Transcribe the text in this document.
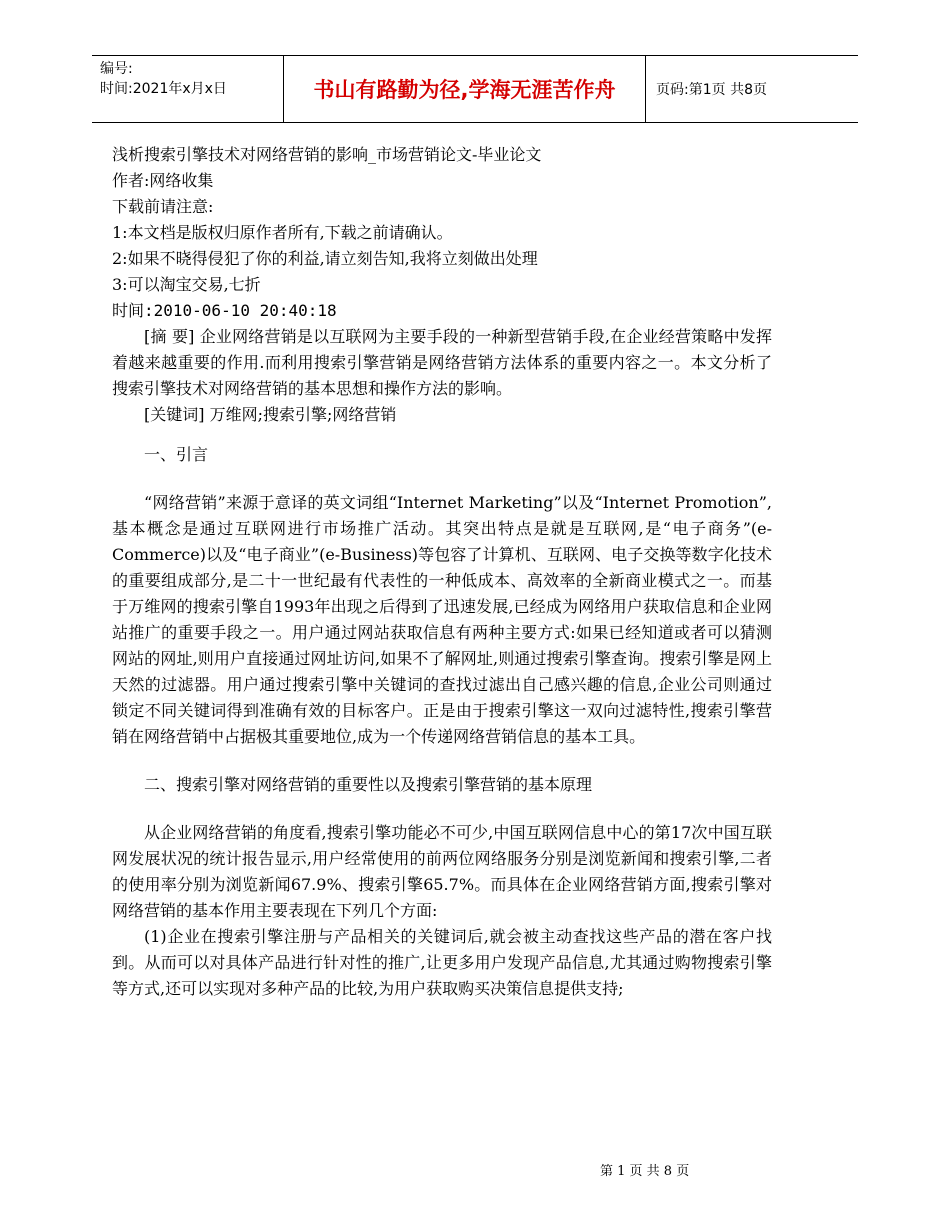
编号:
时间:2021年x月x日	书山有路勤为径,学海无涯苦作舟	页码:第1页 共8页
浅析搜索引擎技术对网络营销的影响_市场营销论文-毕业论文
作者:网络收集
下载前请注意:
1:本文档是版权归原作者所有,下载之前请确认。
2:如果不晓得侵犯了你的利益,请立刻告知,我将立刻做出处理
3:可以淘宝交易,七折
时间:2010-06-10 20:40:18

[摘 要] 企业网络营销是以互联网为主要手段的一种新型营销手段,在企业经营策略中发挥着越来越重要的作用.而利用搜索引擎营销是网络营销方法体系的重要内容之一。本文分析了搜索引擎技术对网络营销的基本思想和操作方法的影响。

[关键词] 万维网;搜索引擎;网络营销

一、引言

“网络营销”来源于意译的英文词组“Internet Marketing”以及“Internet Promotion”,基本概念是通过互联网进行市场推广活动。其突出特点是就是互联网,是“电子商务”(e-Commerce)以及“电子商业”(e-Business)等包容了计算机、互联网、电子交换等数字化技术的重要组成部分,是二十一世纪最有代表性的一种低成本、高效率的全新商业模式之一。而基于万维网的搜索引擎自1993年出现之后得到了迅速发展,已经成为网络用户获取信息和企业网站推广的重要手段之一。用户通过网站获取信息有两种主要方式:如果已经知道或者可以猜测网站的网址,则用户直接通过网址访问,如果不了解网址,则通过搜索引擎查询。搜索引擎是网上天然的过滤器。用户通过搜索引擎中关键词的查找过滤出自己感兴趣的信息,企业公司则通过锁定不同关键词得到准确有效的目标客户。正是由于搜索引擎这一双向过滤特性,搜索引擎营销在网络营销中占据极其重要地位,成为一个传递网络营销信息的基本工具。

二、搜索引擎对网络营销的重要性以及搜索引擎营销的基本原理

从企业网络营销的角度看,搜索引擎功能必不可少,中国互联网信息中心的第17次中国互联网发展状况的统计报告显示,用户经常使用的前两位网络服务分别是浏览新闻和搜索引擎,二者的使用率分别为浏览新闻67.9%、搜索引擎65.7%。而具体在企业网络营销方面,搜索引擎对网络营销的基本作用主要表现在下列几个方面:

(1)企业在搜索引擎注册与产品相关的关键词后,就会被主动查找这些产品的潜在客户找到。从而可以对具体产品进行针对性的推广,让更多用户发现产品信息,尤其通过购物搜索引擎等方式,还可以实现对多种产品的比较,为用户获取购买决策信息提供支持;

第 1 页 共 8 页
